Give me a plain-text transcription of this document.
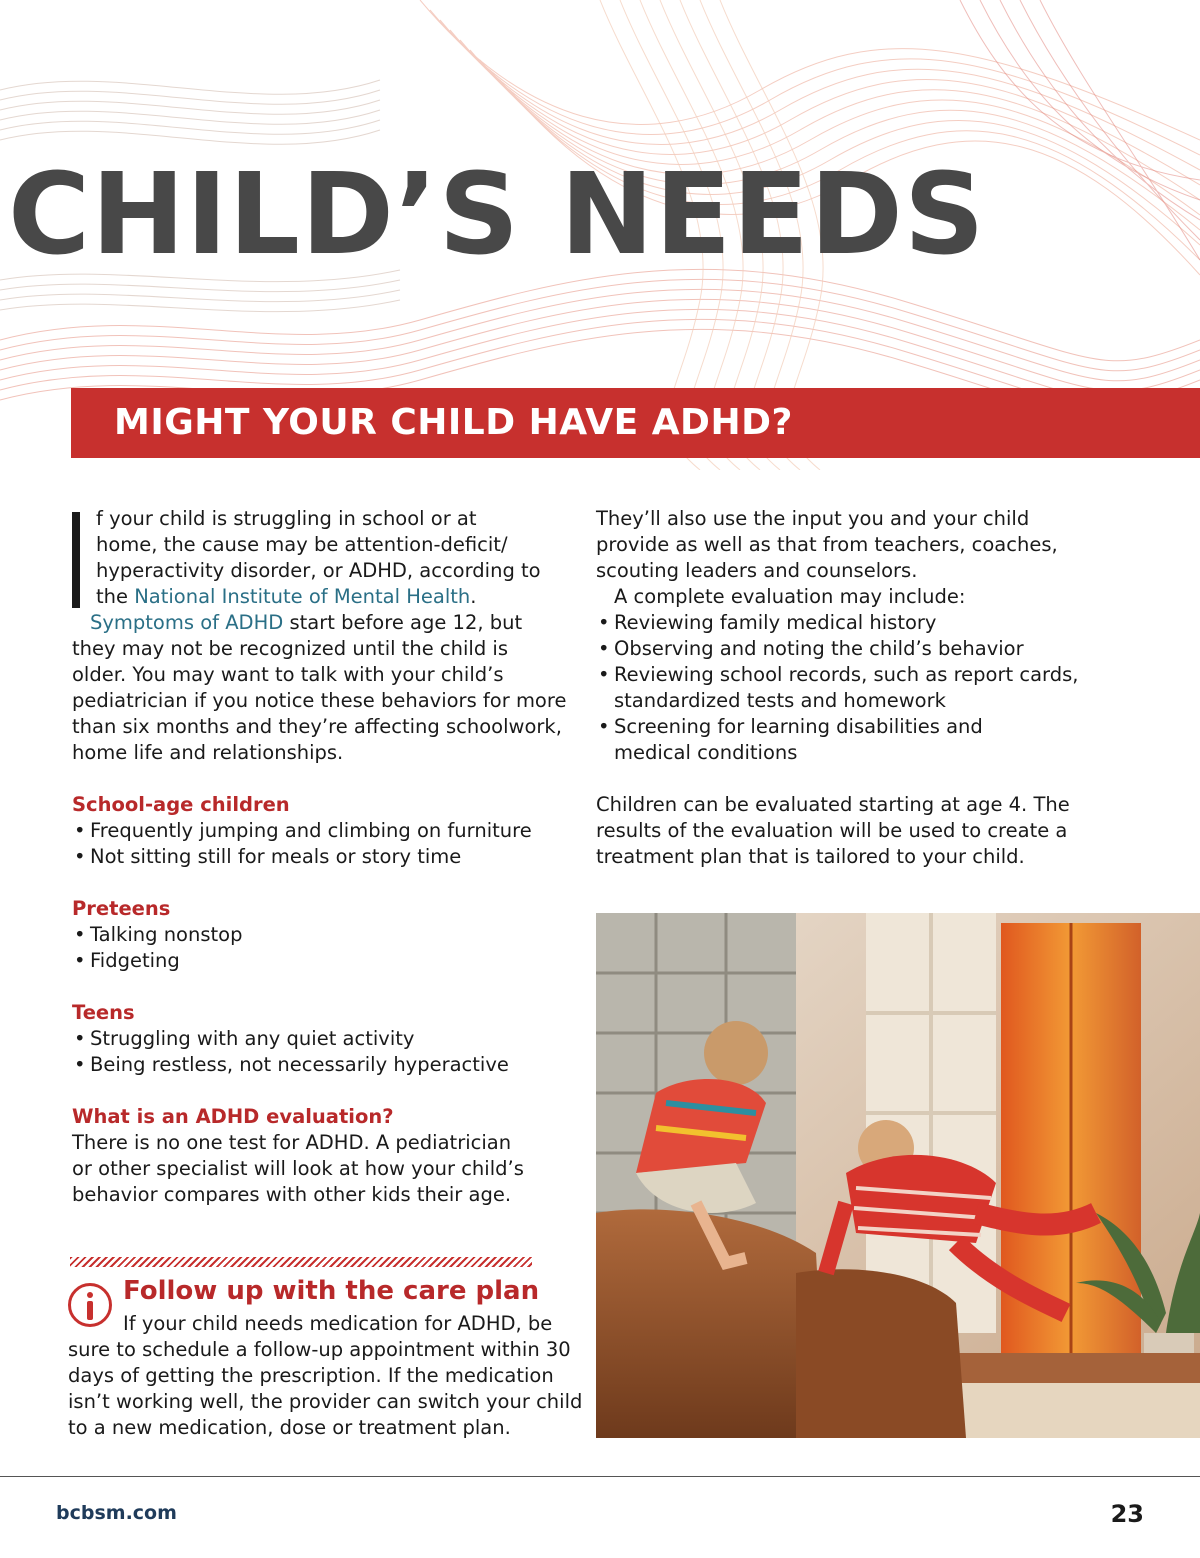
CHILD’S NEEDS
MIGHT YOUR CHILD HAVE ADHD?
f your child is struggling in school or at
home, the cause may be attention-deficit/
hyperactivity disorder, or ADHD, according to
the National Institute of Mental Health.
Symptoms of ADHD start before age 12, but
they may not be recognized until the child is
older. You may want to talk with your child’s
pediatrician if you notice these behaviors for more
than six months and they’re affecting schoolwork,
home life and relationships.
School-age children
• Frequently jumping and climbing on furniture
• Not sitting still for meals or story time
Preteens
• Talking nonstop
• Fidgeting
Teens
• Struggling with any quiet activity
• Being restless, not necessarily hyperactive
What is an ADHD evaluation?
There is no one test for ADHD. A pediatrician
or other specialist will look at how your child’s
behavior compares with other kids their age.
Follow up with the care plan
If your child needs medication for ADHD, be
sure to schedule a follow-up appointment within 30
days of getting the prescription. If the medication
isn’t working well, the provider can switch your child
to a new medication, dose or treatment plan.
They’ll also use the input you and your child
provide as well as that from teachers, coaches,
scouting leaders and counselors.
A complete evaluation may include:
• Reviewing family medical history
• Observing and noting the child’s behavior
• Reviewing school records, such as report cards,
standardized tests and homework
• Screening for learning disabilities and
medical conditions
Children can be evaluated starting at age 4. The
results of the evaluation will be used to create a
treatment plan that is tailored to your child.
bcbsm.com	23
